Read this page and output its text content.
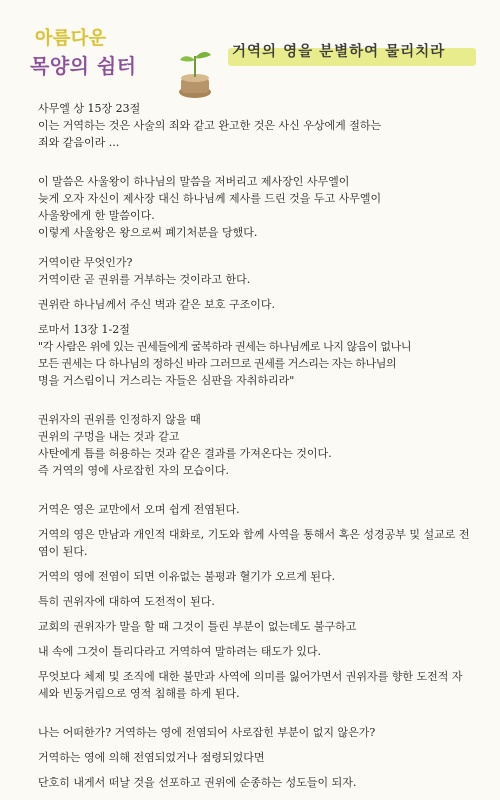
아름다운
목양의 쉼터
거역의 영을 분별하여 물리치라

사무엘 상 15장 23절

이는 거역하는 것은 사술의 죄와 같고 완고한 것은 사신 우상에게 절하는

죄와 같음이라 ...

이 말씀은 사울왕이 하나님의 말씀을 저버리고 제사장인 사무엘이

늦게 오자 자신이 제사장 대신 하나님께 제사를 드린 것을 두고 사무엘이

사울왕에게 한 말씀이다.

이렇게 사울왕은 왕으로써 폐기처분을 당했다.

거역이란 무엇인가?

거역이란 곧 권위를 거부하는 것이라고 한다.

권위란 하나님께서 주신 벽과 같은 보호 구조이다.

로마서 13장 1-2절

"각 사람은 위에 있는 권세들에게 굴복하라 권세는 하나님께로 나지 않음이 없나니

모든 권세는 다 하나님의 정하신 바라 그러므로 권세를 거스리는 자는 하나님의

명을 거스림이니 거스리는 자들은 심판을 자취하리라"

권위자의 권위를 인정하지 않을 때

권위의 구멍을 내는 것과 같고

사탄에게 틈를 허용하는 것과 같은 결과를 가져온다는 것이다.

즉 거역의 영에 사로잡힌 자의 모습이다.

거역은 영은 교만에서 오며 쉽게 전염된다.

거역의 영은 만남과 개인적 대화로, 기도와 함께 사역을 통해서 혹은 성경공부 및 설교로 전염이 된다.

거역의 영에 전염이 되면 이유없는 불평과 혈기가 오르게 된다.

특히 권위자에 대하여 도전적이 된다.

교회의 권위자가 말을 할 때 그것이 틀린 부분이 없는데도 불구하고

내 속에 그것이 틀리다라고 거역하여 말하려는 태도가 있다.

무엇보다 체제 및 조직에 대한 불만과 사역에 의미를 잃어가면서 권위자를 향한 도전적 자세와 빈둥거림으로 영적 침해를 하게 된다.

나는 어떠한가? 거역하는 영에 전염되어 사로잡힌 부분이 없지 않은가?

거역하는 영에 의해 전염되었거나 점령되었다면

단호히 내게서 떠날 것을 선포하고 권위에 순종하는 성도들이 되자.
